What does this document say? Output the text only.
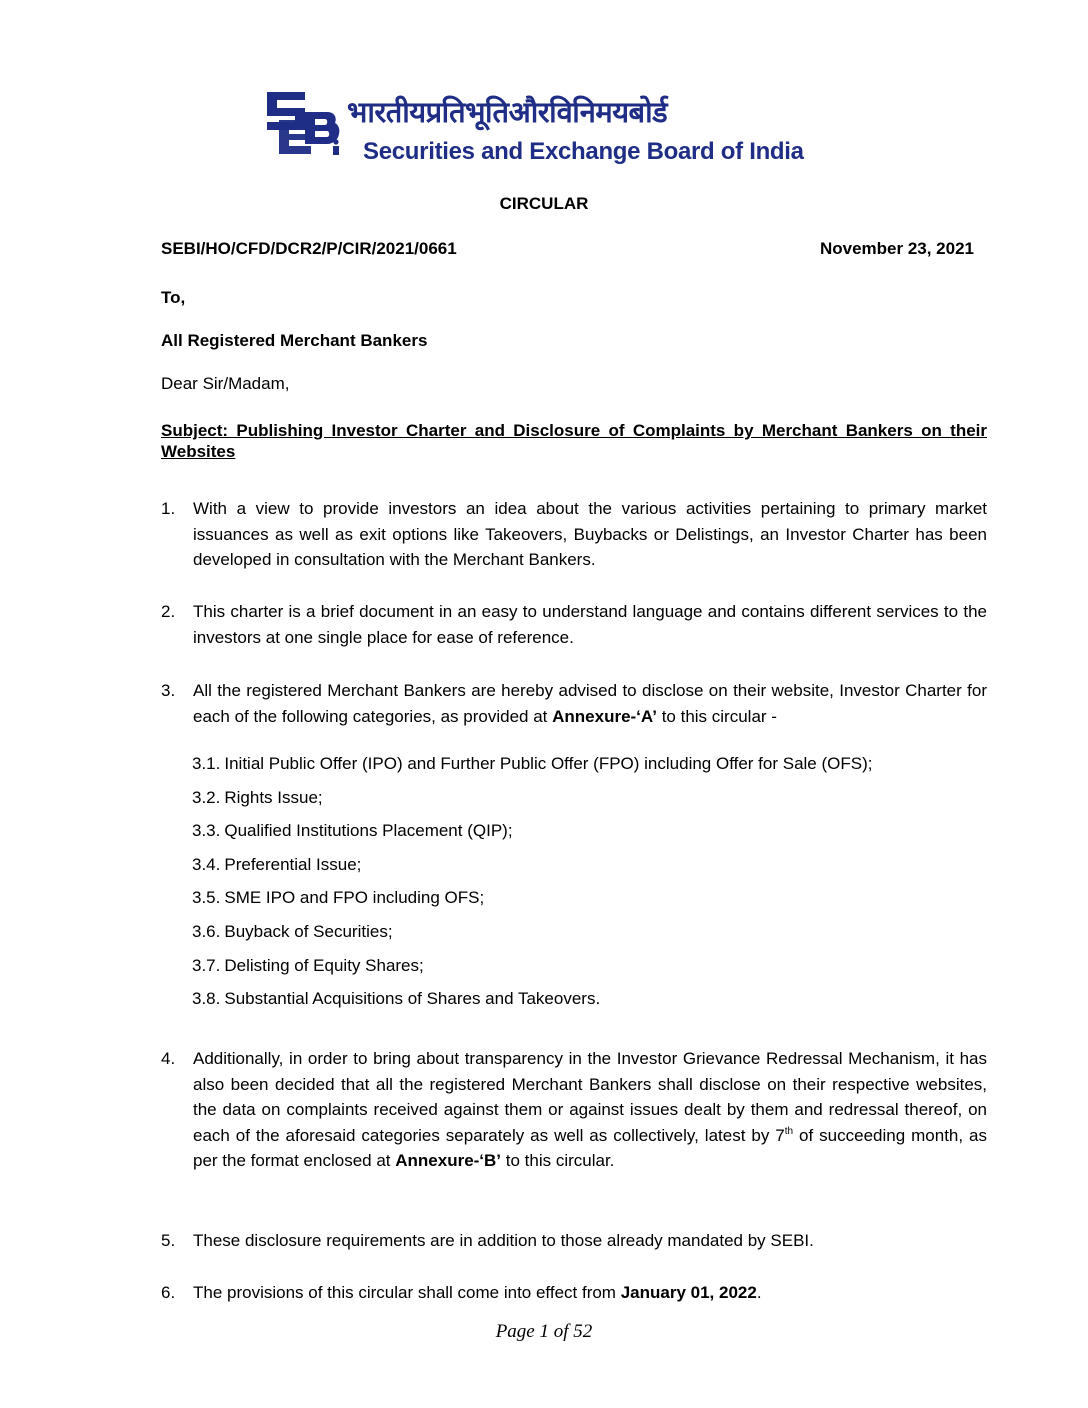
भारतीयप्रतिभूतिऔरविनिमयबोर्ड
Securities and Exchange Board of India
CIRCULAR
SEBI/HO/CFD/DCR2/P/CIR/2021/0661	November 23, 2021
To,
All Registered Merchant Bankers
Dear Sir/Madam,
Subject: Publishing Investor Charter and Disclosure of Complaints by Merchant Bankers on their Websites
1. With a view to provide investors an idea about the various activities pertaining to primary market issuances as well as exit options like Takeovers, Buybacks or Delistings, an Investor Charter has been developed in consultation with the Merchant Bankers.
2. This charter is a brief document in an easy to understand language and contains different services to the investors at one single place for ease of reference.
3. All the registered Merchant Bankers are hereby advised to disclose on their website, Investor Charter for each of the following categories, as provided at Annexure-‘A’ to this circular -
3.1. Initial Public Offer (IPO) and Further Public Offer (FPO) including Offer for Sale (OFS);
3.2. Rights Issue;
3.3. Qualified Institutions Placement (QIP);
3.4. Preferential Issue;
3.5. SME IPO and FPO including OFS;
3.6. Buyback of Securities;
3.7. Delisting of Equity Shares;
3.8. Substantial Acquisitions of Shares and Takeovers.
4. Additionally, in order to bring about transparency in the Investor Grievance Redressal Mechanism, it has also been decided that all the registered Merchant Bankers shall disclose on their respective websites, the data on complaints received against them or against issues dealt by them and redressal thereof, on each of the aforesaid categories separately as well as collectively, latest by 7th of succeeding month, as per the format enclosed at Annexure-‘B’ to this circular.
5. These disclosure requirements are in addition to those already mandated by SEBI.
6. The provisions of this circular shall come into effect from January 01, 2022.
Page 1 of 52
